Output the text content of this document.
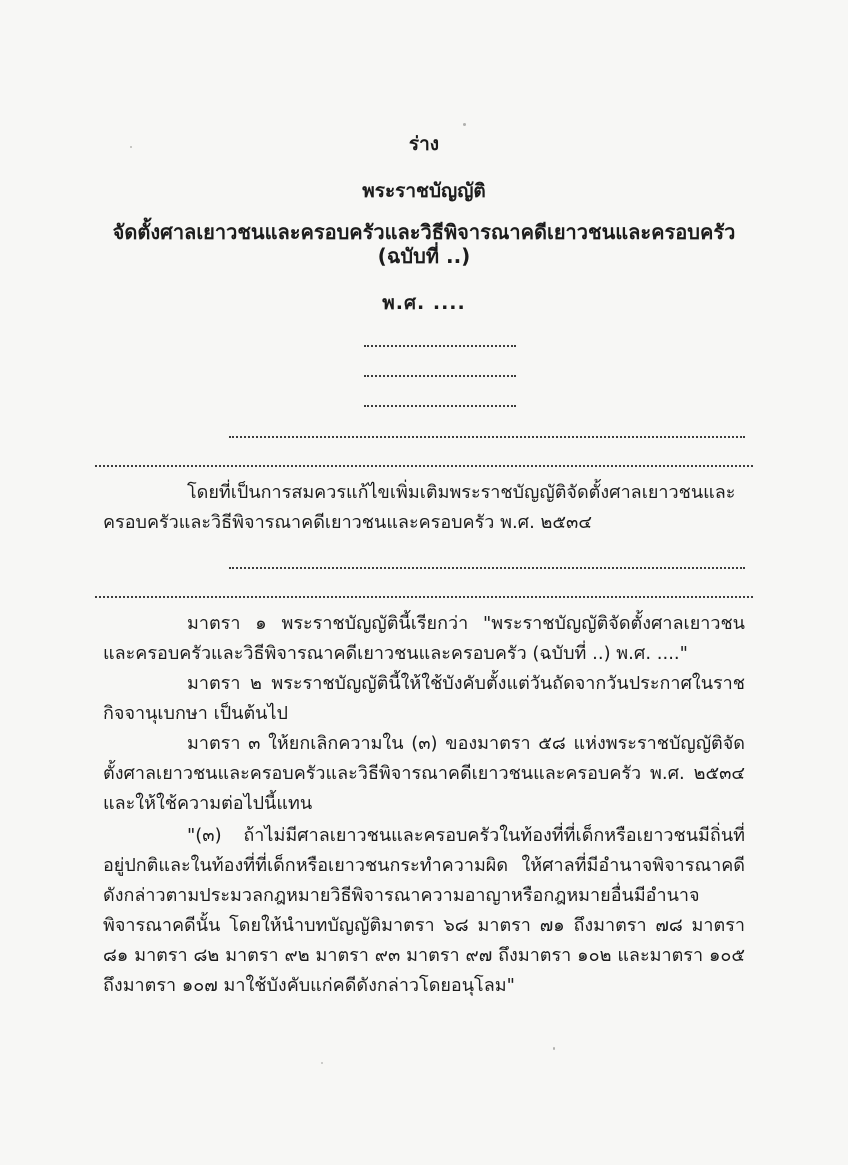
ร่าง
พระราชบัญญัติ
จัดตั้งศาลเยาวชนและครอบครัวและวิธีพิจารณาคดีเยาวชนและครอบครัว (ฉบับที่ ..)
พ.ศ. ....

โดยที่เป็นการสมควรแก้ไขเพิ่มเติมพระราชบัญญัติจัดตั้งศาลเยาวชนและครอบครัวและวิธีพิจารณาคดีเยาวชนและครอบครัว พ.ศ. ๒๕๓๔

มาตรา ๑ พระราชบัญญัตินี้เรียกว่า "พระราชบัญญัติจัดตั้งศาลเยาวชนและครอบครัวและวิธีพิจารณาคดีเยาวชนและครอบครัว (ฉบับที่ ..) พ.ศ. ...."

มาตรา ๒ พระราชบัญญัตินี้ให้ใช้บังคับตั้งแต่วันถัดจากวันประกาศในราชกิจจานุเบกษา เป็นต้นไป

มาตรา ๓ ให้ยกเลิกความใน (๓) ของมาตรา ๕๘ แห่งพระราชบัญญัติจัดตั้งศาลเยาวชนและครอบครัวและวิธีพิจารณาคดีเยาวชนและครอบครัว พ.ศ. ๒๕๓๔ และให้ใช้ความต่อไปนี้แทน

"(๓) ถ้าไม่มีศาลเยาวชนและครอบครัวในท้องที่ที่เด็กหรือเยาวชนมีถิ่นที่อยู่ปกติและในท้องที่ที่เด็กหรือเยาวชนกระทำความผิด ให้ศาลที่มีอำนาจพิจารณาคดีดังกล่าวตามประมวลกฎหมายวิธีพิจารณาความอาญาหรือกฎหมายอื่นมีอำนาจพิจารณาคดีนั้น โดยให้นำบทบัญญัติมาตรา ๖๘ มาตรา ๗๑ ถึงมาตรา ๗๘ มาตรา ๘๑ มาตรา ๘๒ มาตรา ๙๒ มาตรา ๙๓ มาตรา ๙๗ ถึงมาตรา ๑๐๒ และมาตรา ๑๐๕ ถึงมาตรา ๑๐๗ มาใช้บังคับแก่คดีดังกล่าวโดยอนุโลม"
